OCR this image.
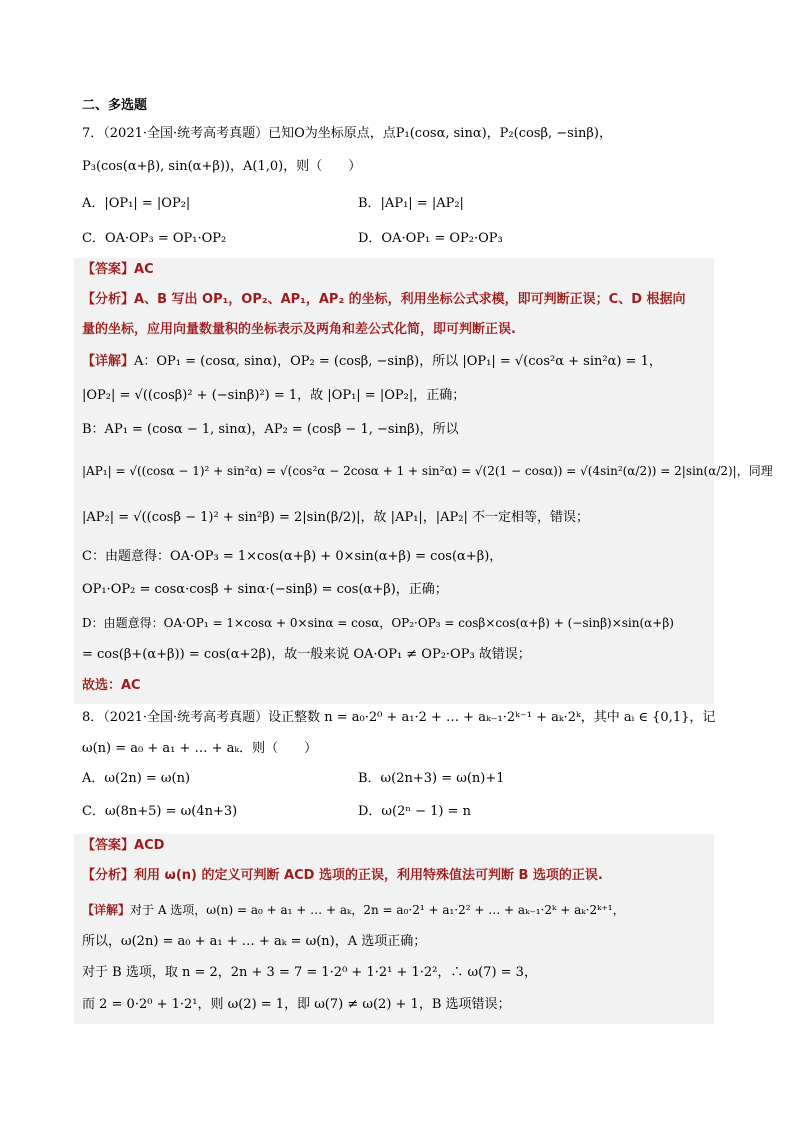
二、多选题
7．（2021·全国·统考高考真题）已知O为坐标原点，点P₁(cosα, sinα)，P₂(cosβ, −sinβ)，
P₃(cos(α+β), sin(α+β))，A(1,0)，则（　　）
A．|OP₁| = |OP₂|	B．|AP₁| = |AP₂|
C．OA·OP₃ = OP₁·OP₂	D．OA·OP₁ = OP₂·OP₃
【答案】AC
【分析】A、B 写出 OP₁，OP₂、AP₁，AP₂ 的坐标，利用坐标公式求模，即可判断正误；C、D 根据向
量的坐标，应用向量数量积的坐标表示及两角和差公式化简，即可判断正误.
【详解】A：OP₁ = (cosα, sinα)，OP₂ = (cosβ, −sinβ)，所以 |OP₁| = √(cos²α + sin²α) = 1，
|OP₂| = √((cosβ)² + (−sinβ)²) = 1，故 |OP₁| = |OP₂|，正确；
B：AP₁ = (cosα − 1, sinα)，AP₂ = (cosβ − 1, −sinβ)，所以
|AP₁| = √((cosα − 1)² + sin²α) = √(cos²α − 2cosα + 1 + sin²α) = √(2(1 − cosα)) = √(4sin²(α/2)) = 2|sin(α/2)|，同理
|AP₂| = √((cosβ − 1)² + sin²β) = 2|sin(β/2)|，故 |AP₁|，|AP₂| 不一定相等，错误；
C：由题意得：OA·OP₃ = 1×cos(α+β) + 0×sin(α+β) = cos(α+β)，
OP₁·OP₂ = cosα·cosβ + sinα·(−sinβ) = cos(α+β)，正确；
D：由题意得：OA·OP₁ = 1×cosα + 0×sinα = cosα，OP₂·OP₃ = cosβ×cos(α+β) + (−sinβ)×sin(α+β)
= cos(β+(α+β)) = cos(α+2β)，故一般来说 OA·OP₁ ≠ OP₂·OP₃ 故错误；
故选：AC
8．（2021·全国·统考高考真题）设正整数 n = a₀·2⁰ + a₁·2 + … + aₖ₋₁·2ᵏ⁻¹ + aₖ·2ᵏ，其中 aᵢ ∈ {0,1}，记
ω(n) = a₀ + a₁ + … + aₖ．则（　　）
A．ω(2n) = ω(n)	B．ω(2n+3) = ω(n)+1
C．ω(8n+5) = ω(4n+3)	D．ω(2ⁿ − 1) = n
【答案】ACD
【分析】利用 ω(n) 的定义可判断 ACD 选项的正误，利用特殊值法可判断 B 选项的正误.
【详解】对于 A 选项，ω(n) = a₀ + a₁ + … + aₖ，2n = a₀·2¹ + a₁·2² + … + aₖ₋₁·2ᵏ + aₖ·2ᵏ⁺¹，
所以，ω(2n) = a₀ + a₁ + … + aₖ = ω(n)，A 选项正确；
对于 B 选项，取 n = 2，2n + 3 = 7 = 1·2⁰ + 1·2¹ + 1·2²，∴ ω(7) = 3，
而 2 = 0·2⁰ + 1·2¹，则 ω(2) = 1，即 ω(7) ≠ ω(2) + 1，B 选项错误；
